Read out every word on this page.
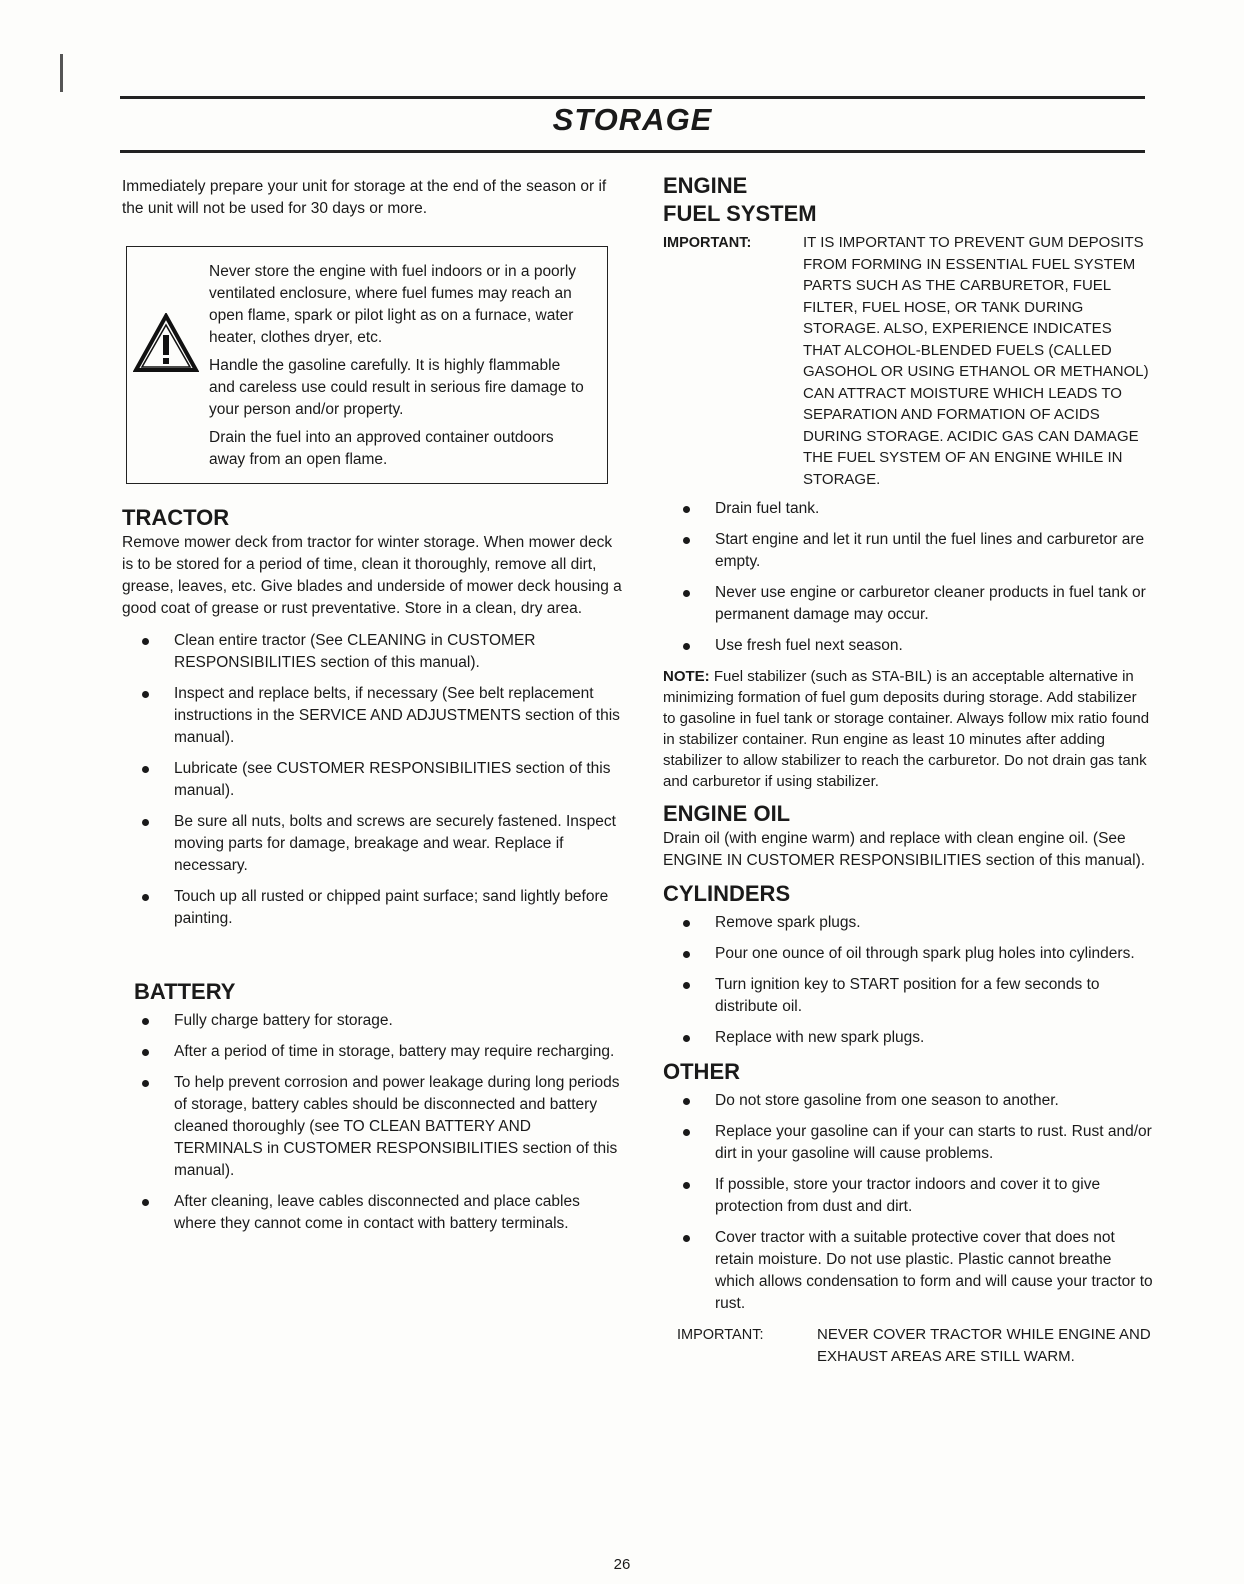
STORAGE

Immediately prepare your unit for storage at the end of the season or if the unit will not be used for 30 days or more.

Never store the engine with fuel indoors or in a poorly ventilated enclosure, where fuel fumes may reach an open flame, spark or pilot light as on a furnace, water heater, clothes dryer, etc.

Handle the gasoline carefully. It is highly flammable and careless use could result in serious fire damage to your person and/or property.

Drain the fuel into an approved container outdoors away from an open flame.

TRACTOR

Remove mower deck from tractor for winter storage. When mower deck is to be stored for a period of time, clean it thoroughly, remove all dirt, grease, leaves, etc. Give blades and underside of mower deck housing a good coat of grease or rust preventative. Store in a clean, dry area.

Clean entire tractor (See CLEANING in CUSTOMER RESPONSIBILITIES section of this manual).
Inspect and replace belts, if necessary (See belt replacement instructions in the SERVICE AND ADJUSTMENTS section of this manual).
Lubricate (see CUSTOMER RESPONSIBILITIES section of this manual).
Be sure all nuts, bolts and screws are securely fastened. Inspect moving parts for damage, breakage and wear. Replace if necessary.
Touch up all rusted or chipped paint surface; sand lightly before painting.
BATTERY
Fully charge battery for storage.
After a period of time in storage, battery may require recharging.
To help prevent corrosion and power leakage during long periods of storage, battery cables should be disconnected and battery cleaned thoroughly (see TO CLEAN BATTERY AND TERMINALS in CUSTOMER RESPONSIBILITIES section of this manual).
After cleaning, leave cables disconnected and place cables where they cannot come in contact with battery terminals.
ENGINE
FUEL SYSTEM
IMPORTANT:	IT IS IMPORTANT TO PREVENT GUM DEPOSITS FROM FORMING IN ESSENTIAL FUEL SYSTEM PARTS SUCH AS THE CARBURETOR, FUEL FILTER, FUEL HOSE, OR TANK DURING STORAGE. ALSO, EXPERIENCE INDICATES THAT ALCOHOL-BLENDED FUELS (CALLED GASOHOL OR USING ETHANOL OR METHANOL) CAN ATTRACT MOISTURE WHICH LEADS TO SEPARATION AND FORMATION OF ACIDS DURING STORAGE. ACIDIC GAS CAN DAMAGE THE FUEL SYSTEM OF AN ENGINE WHILE IN STORAGE.
Drain fuel tank.
Start engine and let it run until the fuel lines and carburetor are empty.
Never use engine or carburetor cleaner products in fuel tank or permanent damage may occur.
Use fresh fuel next season.

NOTE: Fuel stabilizer (such as STA-BIL) is an acceptable alternative in minimizing formation of fuel gum deposits during storage. Add stabilizer to gasoline in fuel tank or storage container. Always follow mix ratio found in stabilizer container. Run engine as least 10 minutes after adding stabilizer to allow stabilizer to reach the carburetor. Do not drain gas tank and carburetor if using stabilizer.

ENGINE OIL

Drain oil (with engine warm) and replace with clean engine oil. (See ENGINE IN CUSTOMER RESPONSIBILITIES section of this manual).

CYLINDERS
Remove spark plugs.
Pour one ounce of oil through spark plug holes into cylinders.
Turn ignition key to START position for a few seconds to distribute oil.
Replace with new spark plugs.
OTHER
Do not store gasoline from one season to another.
Replace your gasoline can if your can starts to rust. Rust and/or dirt in your gasoline will cause problems.
If possible, store your tractor indoors and cover it to give protection from dust and dirt.
Cover tractor with a suitable protective cover that does not retain moisture. Do not use plastic. Plastic cannot breathe which allows condensation to form and will cause your tractor to rust.
IMPORTANT:	NEVER COVER TRACTOR WHILE ENGINE AND EXHAUST AREAS ARE STILL WARM.
26
